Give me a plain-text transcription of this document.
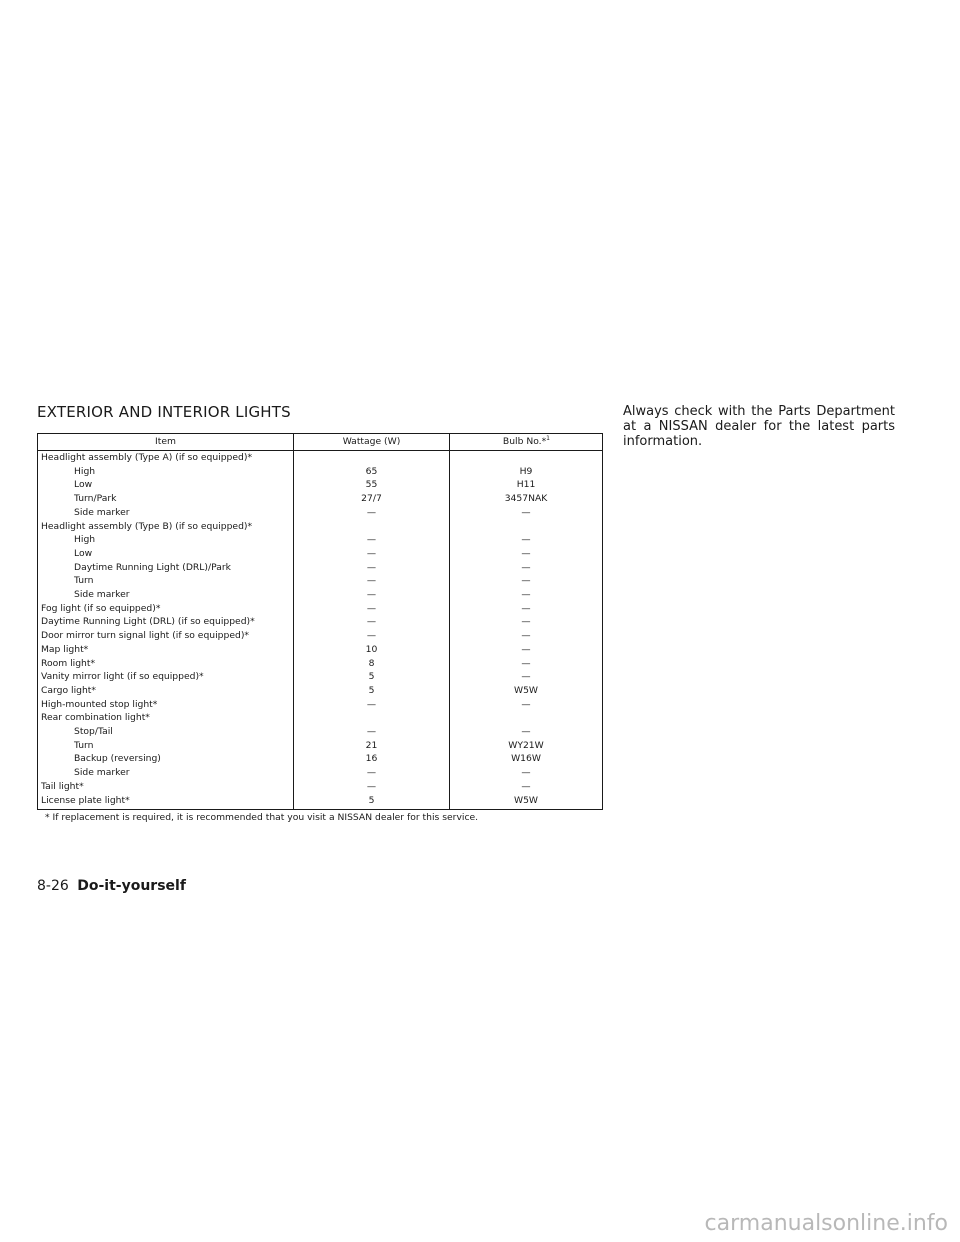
EXTERIOR AND INTERIOR LIGHTS
Item	Wattage (W)	Bulb No.*$^1$
Headlight assembly (Type A) (if so equipped)*		
High	65	H9
Low	55	H11
Turn/Park	27/7	3457NAK
Side marker	—	—
Headlight assembly (Type B) (if so equipped)*		
High	—	—
Low	—	—
Daytime Running Light (DRL)/Park	—	—
Turn	—	—
Side marker	—	—
Fog light (if so equipped)*	—	—
Daytime Running Light (DRL) (if so equipped)*	—	—
Door mirror turn signal light (if so equipped)*	—	—
Map light*	10	—
Room light*	8	—
Vanity mirror light (if so equipped)*	5	—
Cargo light*	5	W5W
High-mounted stop light*	—	—
Rear combination light*		
Stop/Tail	—	—
Turn	21	WY21W
Backup (reversing)	16	W16W
Side marker	—	—
Tail light*	—	—
License plate light*	5	W5W
* If replacement is required, it is recommended that you visit a NISSAN dealer for this service.
Always check with the Parts Department at a NISSAN dealer for the latest parts information.
8-26 Do-it-yourself
carmanualsonline.info
